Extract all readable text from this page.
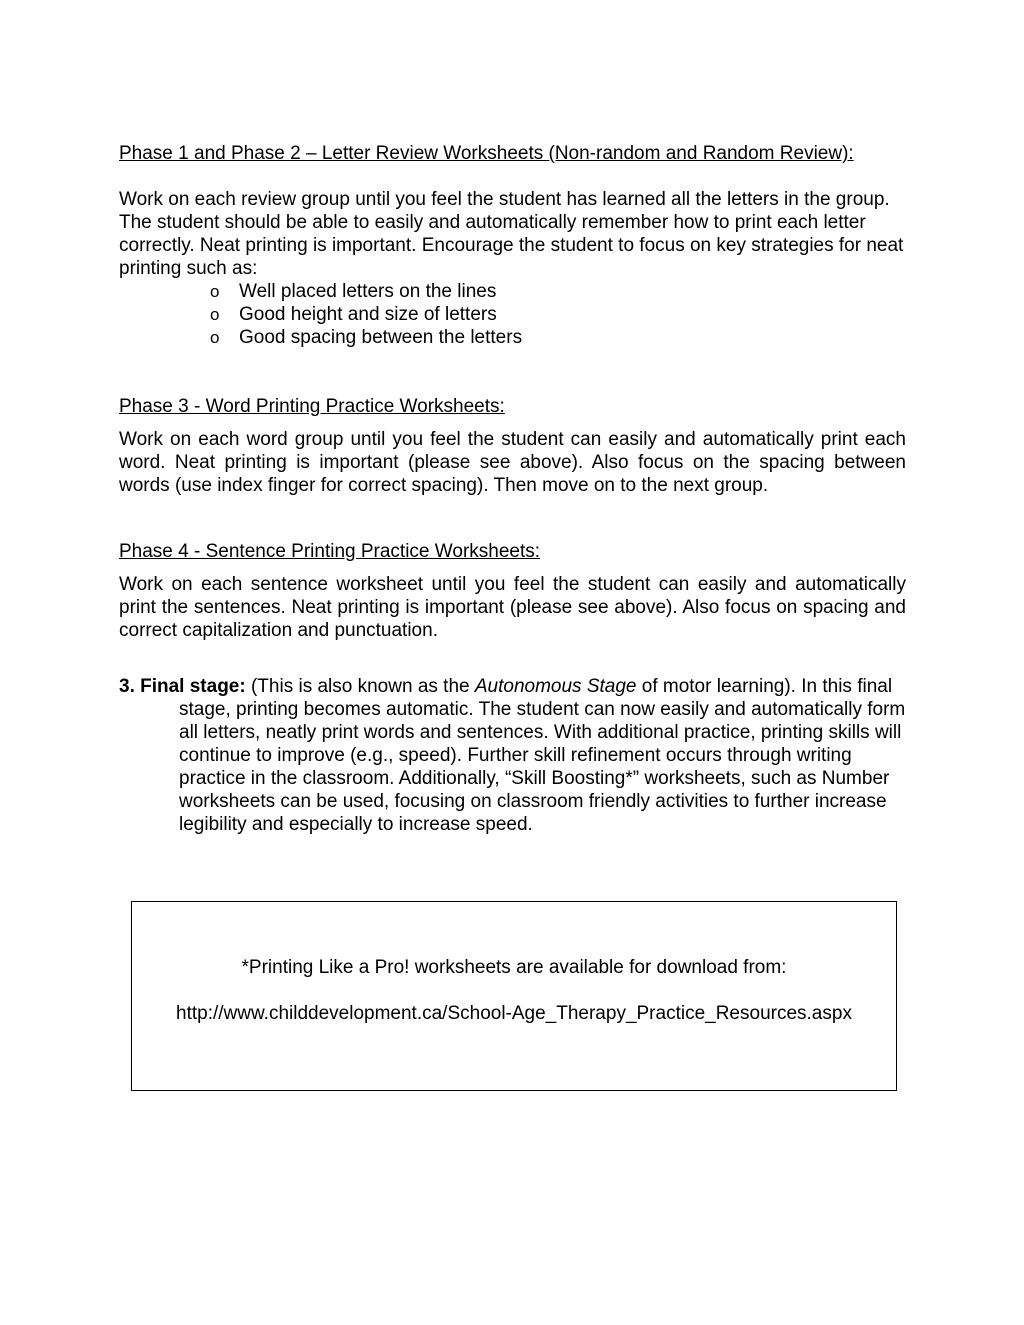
Phase 1 and Phase 2 – Letter Review Worksheets (Non-random and Random Review):

Work on each review group until you feel the student has learned all the letters in the group. The student should be able to easily and automatically remember how to print each letter correctly. Neat printing is important. Encourage the student to focus on key strategies for neat printing such as:

o Well placed letters on the lines
o Good height and size of letters
o Good spacing between the letters

Phase 3 - Word Printing Practice Worksheets:

Work on each word group until you feel the student can easily and automatically print each word. Neat printing is important (please see above). Also focus on the spacing between words (use index finger for correct spacing). Then move on to the next group.

Phase 4 - Sentence Printing Practice Worksheets:

Work on each sentence worksheet until you feel the student can easily and automatically print the sentences. Neat printing is important (please see above). Also focus on spacing and correct capitalization and punctuation.

3. Final stage: (This is also known as the Autonomous Stage of motor learning). In this final stage, printing becomes automatic. The student can now easily and automatically form all letters, neatly print words and sentences. With additional practice, printing skills will continue to improve (e.g., speed). Further skill refinement occurs through writing practice in the classroom. Additionally, “Skill Boosting*” worksheets, such as Number worksheets can be used, focusing on classroom friendly activities to further increase legibility and especially to increase speed.

*Printing Like a Pro! worksheets are available for download from:

http://www.childdevelopment.ca/School-Age_Therapy_Practice_Resources.aspx
